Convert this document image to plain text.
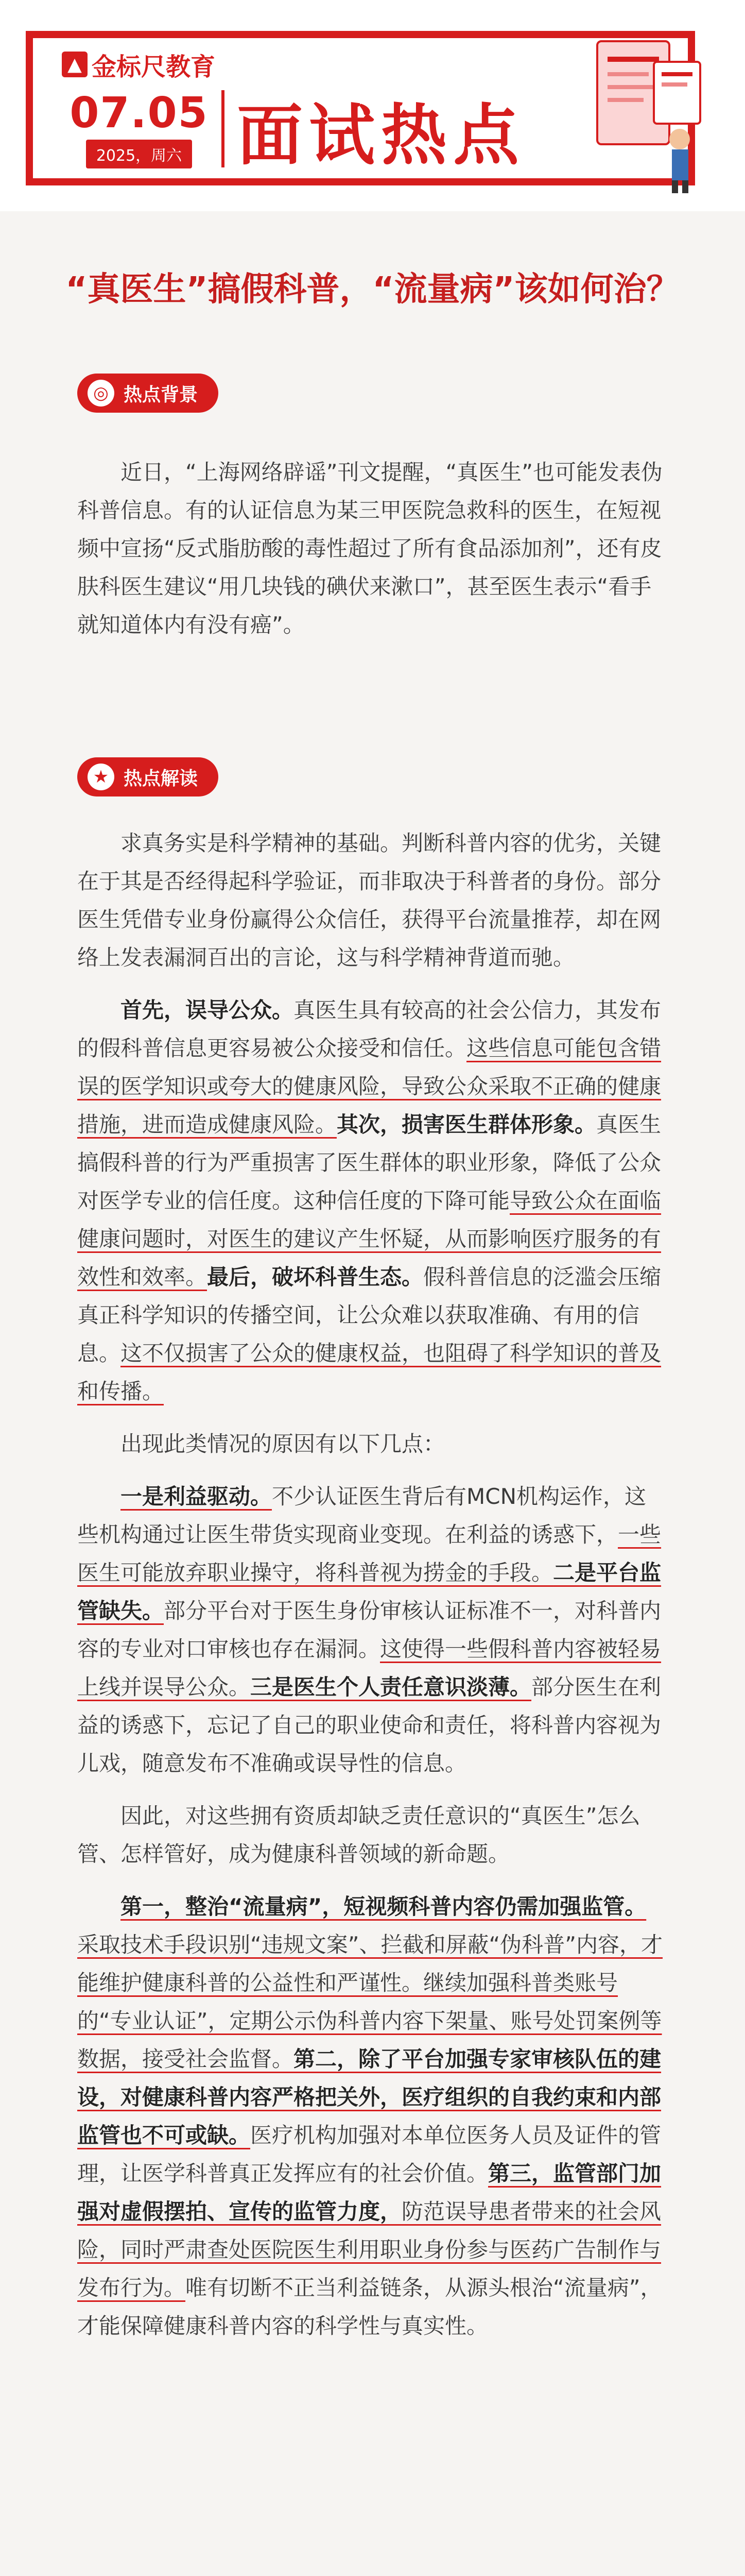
▲ 金标尺教育
07.05
2025，周六 面试热点
“真医生”搞假科普，“流量病”该如何治？
◎ 热点背景

近日，“上海网络辟谣”刊文提醒，“真医生”也可能发表伪科普信息。有的认证信息为某三甲医院急救科的医生，在短视频中宣扬“反式脂肪酸的毒性超过了所有食品添加剂”，还有皮肤科医生建议“用几块钱的碘伏来漱口”，甚至医生表示“看手就知道体内有没有癌”。

★ 热点解读

求真务实是科学精神的基础。判断科普内容的优劣，关键在于其是否经得起科学验证，而非取决于科普者的身份。部分医生凭借专业身份赢得公众信任，获得平台流量推荐，却在网络上发表漏洞百出的言论，这与科学精神背道而驰。

首先，误导公众。真医生具有较高的社会公信力，其发布的假科普信息更容易被公众接受和信任。这些信息可能包含错误的医学知识或夸大的健康风险，导致公众采取不正确的健康措施，进而造成健康风险。其次，损害医生群体形象。真医生搞假科普的行为严重损害了医生群体的职业形象，降低了公众对医学专业的信任度。这种信任度的下降可能导致公众在面临健康问题时，对医生的建议产生怀疑，从而影响医疗服务的有效性和效率。最后，破坏科普生态。假科普信息的泛滥会压缩真正科学知识的传播空间，让公众难以获取准确、有用的信息。这不仅损害了公众的健康权益，也阻碍了科学知识的普及和传播。

出现此类情况的原因有以下几点：

一是利益驱动。不少认证医生背后有MCN机构运作，这些机构通过让医生带货实现商业变现。在利益的诱惑下，一些医生可能放弃职业操守，将科普视为捞金的手段。二是平台监管缺失。部分平台对于医生身份审核认证标准不一，对科普内容的专业对口审核也存在漏洞。这使得一些假科普内容被轻易上线并误导公众。三是医生个人责任意识淡薄。部分医生在利益的诱惑下，忘记了自己的职业使命和责任，将科普内容视为儿戏，随意发布不准确或误导性的信息。

因此，对这些拥有资质却缺乏责任意识的“真医生”怎么管、怎样管好，成为健康科普领域的新命题。

第一，整治“流量病”，短视频科普内容仍需加强监管。采取技术手段识别“违规文案”、拦截和屏蔽“伪科普”内容，才能维护健康科普的公益性和严谨性。继续加强科普类账号的“专业认证”，定期公示伪科普内容下架量、账号处罚案例等数据，接受社会监督。第二，除了平台加强专家审核队伍的建设，对健康科普内容严格把关外，医疗组织的自我约束和内部监管也不可或缺。医疗机构加强对本单位医务人员及证件的管理，让医学科普真正发挥应有的社会价值。第三，监管部门加强对虚假摆拍、宣传的监管力度，防范误导患者带来的社会风险，同时严肃查处医院医生利用职业身份参与医药广告制作与发布行为。唯有切断不正当利益链条，从源头根治“流量病”，才能保障健康科普内容的科学性与真实性。
